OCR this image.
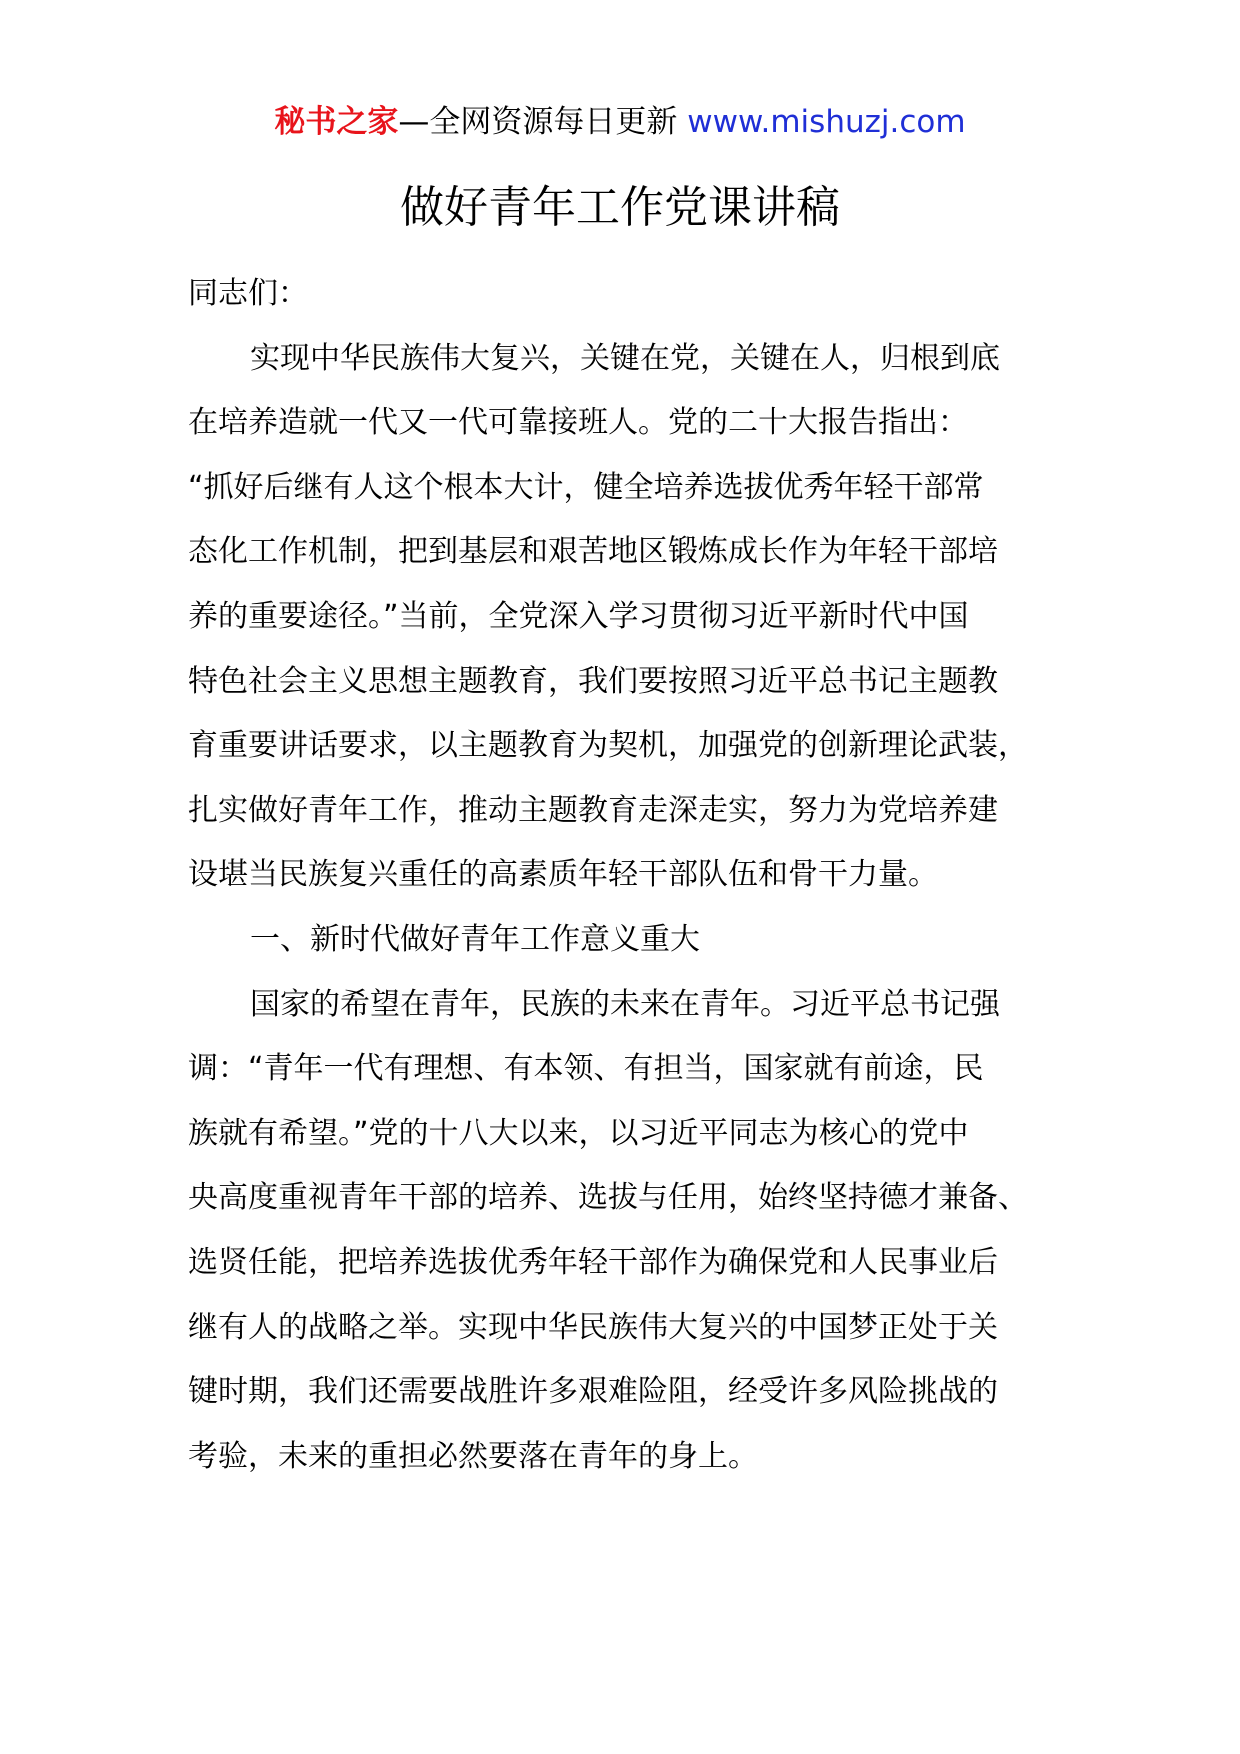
秘书之家—全网资源每日更新 www.mishuzj.com
做好青年工作党课讲稿
同志们：
实现中华民族伟大复兴，关键在党，关键在人，归根到底
在培养造就一代又一代可靠接班人。党的二十大报告指出：
“抓好后继有人这个根本大计，健全培养选拔优秀年轻干部常
态化工作机制，把到基层和艰苦地区锻炼成长作为年轻干部培
养的重要途径。”当前，全党深入学习贯彻习近平新时代中国
特色社会主义思想主题教育，我们要按照习近平总书记主题教
育重要讲话要求，以主题教育为契机，加强党的创新理论武装，
扎实做好青年工作，推动主题教育走深走实，努力为党培养建
设堪当民族复兴重任的高素质年轻干部队伍和骨干力量。
一、新时代做好青年工作意义重大
国家的希望在青年，民族的未来在青年。习近平总书记强
调：“青年一代有理想、有本领、有担当，国家就有前途，民
族就有希望。”党的十八大以来，以习近平同志为核心的党中
央高度重视青年干部的培养、选拔与任用，始终坚持德才兼备、
选贤任能，把培养选拔优秀年轻干部作为确保党和人民事业后
继有人的战略之举。实现中华民族伟大复兴的中国梦正处于关
键时期，我们还需要战胜许多艰难险阻，经受许多风险挑战的
考验，未来的重担必然要落在青年的身上。
